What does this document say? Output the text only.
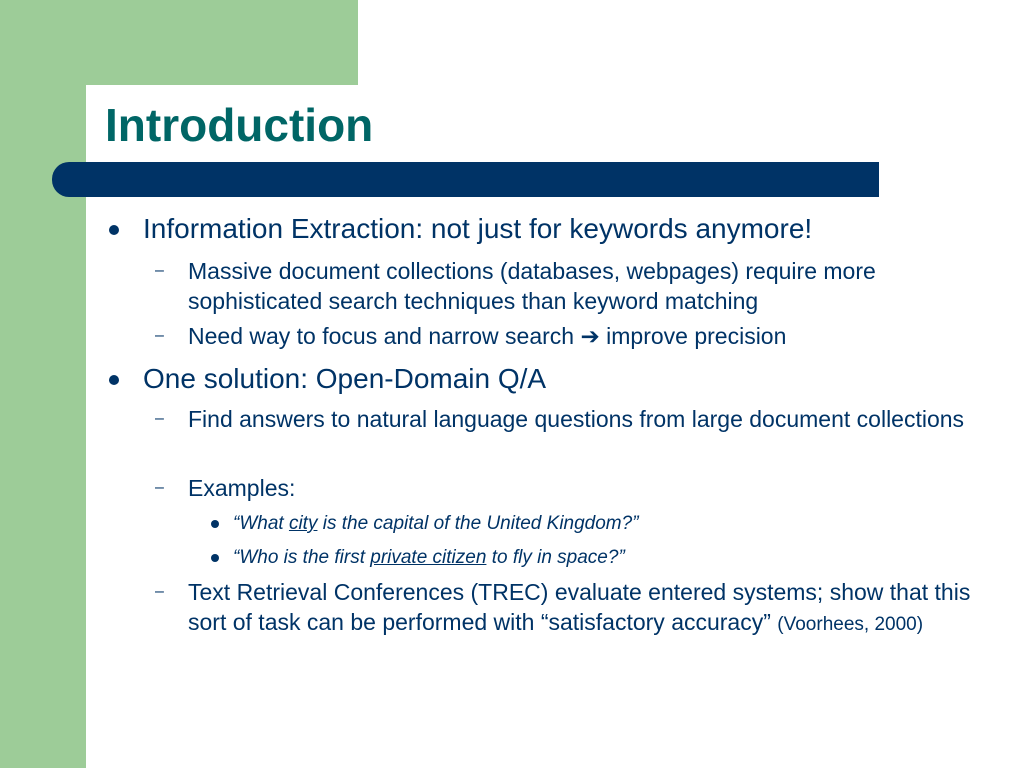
Introduction
Information Extraction: not just for keywords anymore!
– Massive document collections (databases, webpages) require more sophisticated search techniques than keyword matching
– Need way to focus and narrow search ➔ improve precision
One solution: Open-Domain Q/A
– Find answers to natural language questions from large document collections
– Examples:
“What city is the capital of the United Kingdom?”
“Who is the first private citizen to fly in space?”
– Text Retrieval Conferences (TREC) evaluate entered systems; show that this sort of task can be performed with “satisfactory accuracy” (Voorhees, 2000)
